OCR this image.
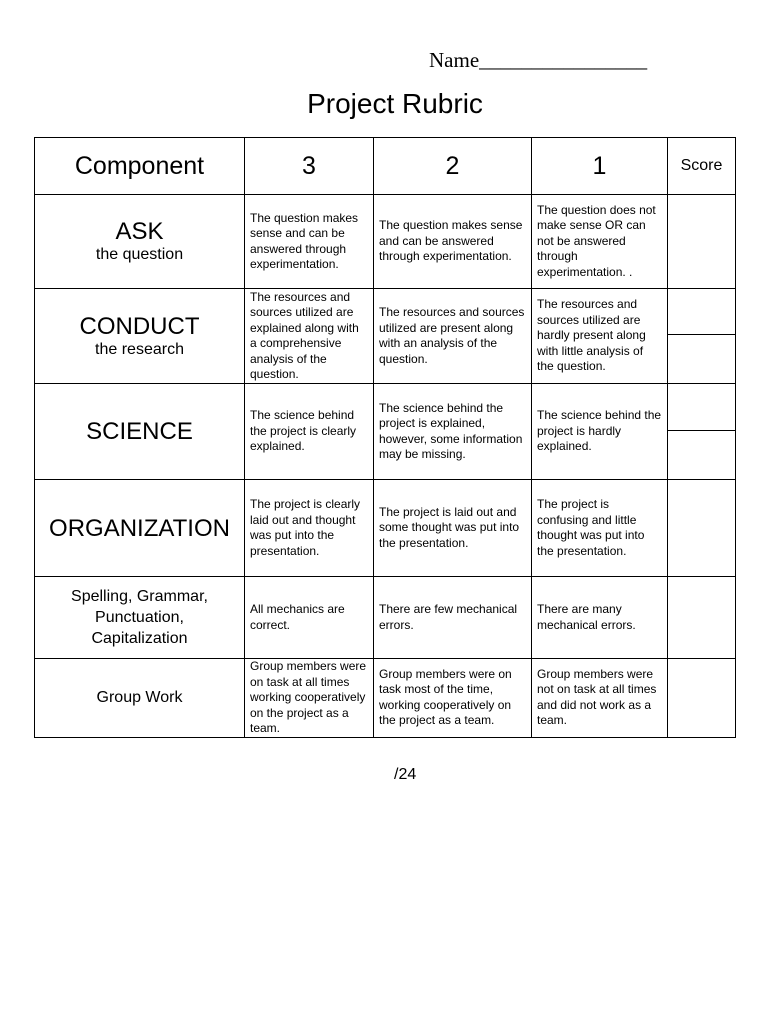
Name________________
Project Rubric
Component	3	2	1	Score

ASK
the question	The question makes sense and can be answered through experimentation.	The question makes sense and can be answered through experimentation.	The question does not make sense OR can not be answered through experimentation. .	

CONDUCT
the research	The resources and sources utilized are explained along with a comprehensive analysis of the question.	The resources and sources utilized are present along with an analysis of the question.	The resources and sources utilized are hardly present along with little analysis of the question.	

SCIENCE	The science behind the project is clearly explained.	The science behind the project is explained, however, some information may be missing.	The science behind the project is hardly explained.	

ORGANIZATION	The project is clearly laid out and thought was put into the presentation.	The project is laid out and some thought was put into the presentation.	The project is confusing and little thought was put into the presentation.	

Spelling, Grammar, Punctuation, Capitalization	All mechanics are correct.	There are few mechanical errors.	There are many mechanical errors.	

Group Work	Group members were on task at all times working cooperatively on the project as a team.	Group members were on task most of the time, working cooperatively on the project as a team.	Group members were not on task at all times and did not work as a team.	
/24
